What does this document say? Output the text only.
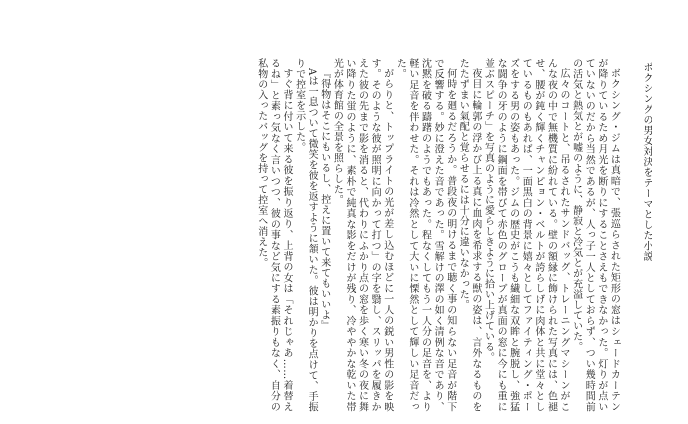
ボクシングの男女対決をテーマとした小説
ボクシング・ジムは真暗で、張巡らされた矩形の窓はシェードカーテンが降りているため月光を断りにすることさえもできなかった。灯りが点いていないのだから当然であるが、人っ子一人としておらず、つい幾時間前の活気と熱気とが嘘のように、静寂と冷気とが充溢していた。
広々のコートと、吊るされたサンドバッグ、トレーニングマシーンがこんな夜の中で無機質に紛れている。壁の額縁に飾けられた写真には、色褪せ、腰が鈍く輝くチャンピョン・ベルトが誇らしげに肉体と共に堂々としているものもあれば、一面黒白の背景に嬉々としてファイティング・ポーズをする男の姿もあった。ジムの歴史がこうも繊細な双眸と腕脱し、強猛な闘争の牙のように鋼面を帯びて赤色のグローブが真面の窓に今にも重に並ぶスピーチ」を写真のように愛らしきように拾い上げている。
夜目に輪郭の浮かび上る真に血肉を希求する獣の姿は、言外なるものをたたずまい氣配と覚らせるには十分に違いなかった。
何時を廻るだろうか。普段夜の明けるまで聴く事の知らない足音が階下で反響する。妙に澄えた音であった。雪解けの澤の如く清例な音であり、沈黙を破る躊躇のようでもあった。程なくしてもう一人分の足音を、より軽い足音を伴わせた。それは冷然として大いに慄然として輝しい足音だった。
がらりと、トップライトの光が差し込むほどに一人の鋭い男性の影を映す。そのような彼が照明に向かって打つ」の字を翳し、スリッパを履きかえた彼の先まで影を消ると、代わりにふかり点の窓を歩く寒い冬の夜に舞い降りた蛍のように、素朴で純真な影をだけが残り、冷ややかな乾いた帯光が体育館の全景を照らした。
『得物はそこにもいるし、控えに置いて来てもいいよ』
Aは一息ついて微笑を彼を返すように頷いた。彼は明かりを点けて、手振りで控室を示した。
すぐ背に付いて来る彼を振り返り、上背の女は「それじゃあ……着替えるね」と素っ気なく言いつつ、彼の事など気にする素振りもなく、自分の私物の入ったバッグを持って控室へ消えた。
